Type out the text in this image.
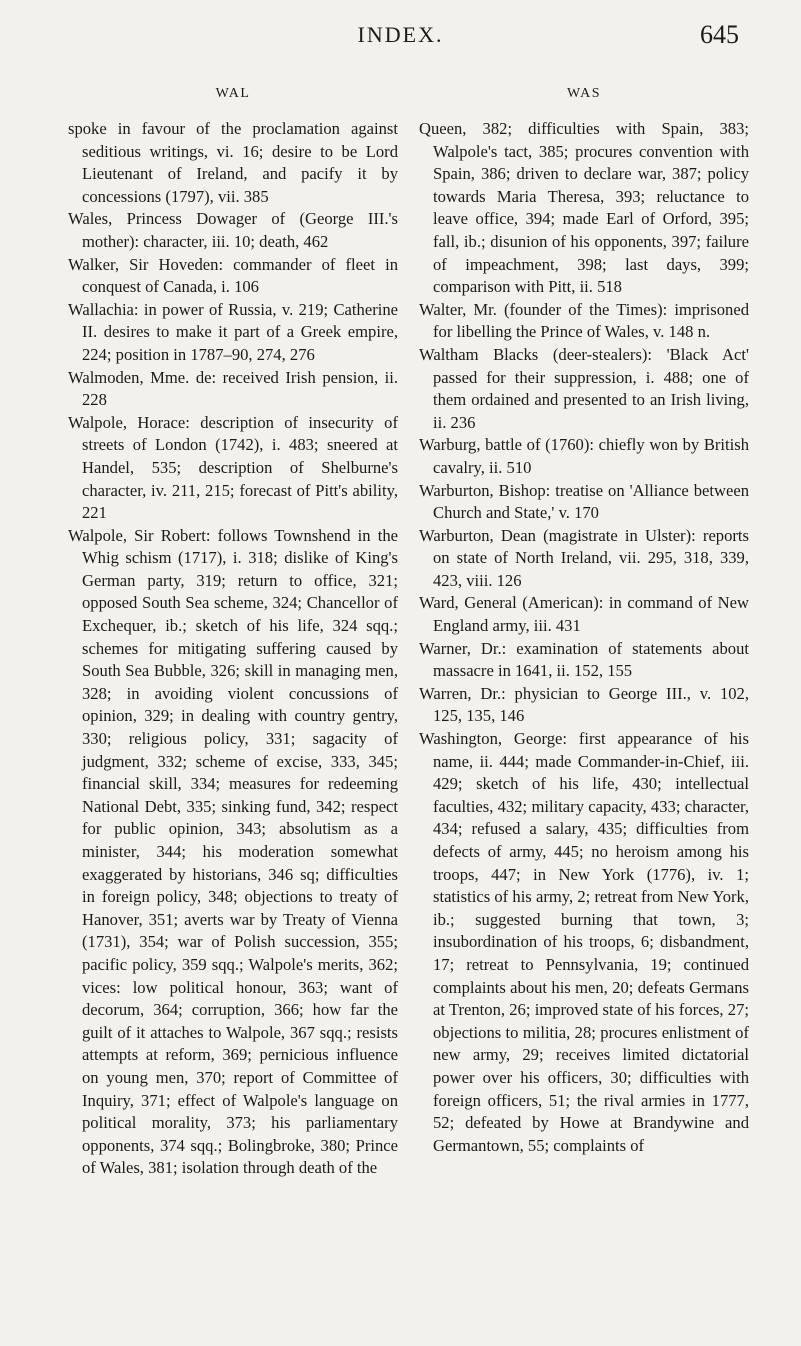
INDEX.	645
WAL

spoke in favour of the proclamation against seditious writings, vi. 16; desire to be Lord Lieutenant of Ireland, and pacify it by concessions (1797), vii. 385

Wales, Princess Dowager of (George III.'s mother): character, iii. 10; death, 462

Walker, Sir Hoveden: commander of fleet in conquest of Canada, i. 106

Wallachia: in power of Russia, v. 219; Catherine II. desires to make it part of a Greek empire, 224; position in 1787–90, 274, 276

Walmoden, Mme. de: received Irish pension, ii. 228

Walpole, Horace: description of insecurity of streets of London (1742), i. 483; sneered at Handel, 535; description of Shelburne's character, iv. 211, 215; forecast of Pitt's ability, 221

Walpole, Sir Robert: follows Townshend in the Whig schism (1717), i. 318; dislike of King's German party, 319; return to office, 321; opposed South Sea scheme, 324; Chancellor of Exchequer, ib.; sketch of his life, 324 sqq.; schemes for mitigating suffering caused by South Sea Bubble, 326; skill in managing men, 328; in avoiding violent concussions of opinion, 329; in dealing with country gentry, 330; religious policy, 331; sagacity of judgment, 332; scheme of excise, 333, 345; financial skill, 334; measures for redeeming National Debt, 335; sinking fund, 342; respect for public opinion, 343; absolutism as a minister, 344; his moderation somewhat exaggerated by historians, 346 sq; difficulties in foreign policy, 348; objections to treaty of Hanover, 351; averts war by Treaty of Vienna (1731), 354; war of Polish succession, 355; pacific policy, 359 sqq.; Walpole's merits, 362; vices: low political honour, 363; want of decorum, 364; corruption, 366; how far the guilt of it attaches to Walpole, 367 sqq.; resists attempts at reform, 369; pernicious influence on young men, 370; report of Committee of Inquiry, 371; effect of Walpole's language on political morality, 373; his parliamentary opponents, 374 sqq.; Bolingbroke, 380; Prince of Wales, 381; isolation through death of the

WAS

Queen, 382; difficulties with Spain, 383; Walpole's tact, 385; procures convention with Spain, 386; driven to declare war, 387; policy towards Maria Theresa, 393; reluctance to leave office, 394; made Earl of Orford, 395; fall, ib.; disunion of his opponents, 397; failure of impeachment, 398; last days, 399; comparison with Pitt, ii. 518

Walter, Mr. (founder of the Times): imprisoned for libelling the Prince of Wales, v. 148 n.

Waltham Blacks (deer-stealers): 'Black Act' passed for their suppression, i. 488; one of them ordained and presented to an Irish living, ii. 236

Warburg, battle of (1760): chiefly won by British cavalry, ii. 510

Warburton, Bishop: treatise on 'Alliance between Church and State,' v. 170

Warburton, Dean (magistrate in Ulster): reports on state of North Ireland, vii. 295, 318, 339, 423, viii. 126

Ward, General (American): in command of New England army, iii. 431

Warner, Dr.: examination of statements about massacre in 1641, ii. 152, 155

Warren, Dr.: physician to George III., v. 102, 125, 135, 146

Washington, George: first appearance of his name, ii. 444; made Commander-in-Chief, iii. 429; sketch of his life, 430; intellectual faculties, 432; military capacity, 433; character, 434; refused a salary, 435; difficulties from defects of army, 445; no heroism among his troops, 447; in New York (1776), iv. 1; statistics of his army, 2; retreat from New York, ib.; suggested burning that town, 3; insubordination of his troops, 6; disbandment, 17; retreat to Pennsylvania, 19; continued complaints about his men, 20; defeats Germans at Trenton, 26; improved state of his forces, 27; objections to militia, 28; procures enlistment of new army, 29; receives limited dictatorial power over his officers, 30; difficulties with foreign officers, 51; the rival armies in 1777, 52; defeated by Howe at Brandywine and Germantown, 55; complaints of
